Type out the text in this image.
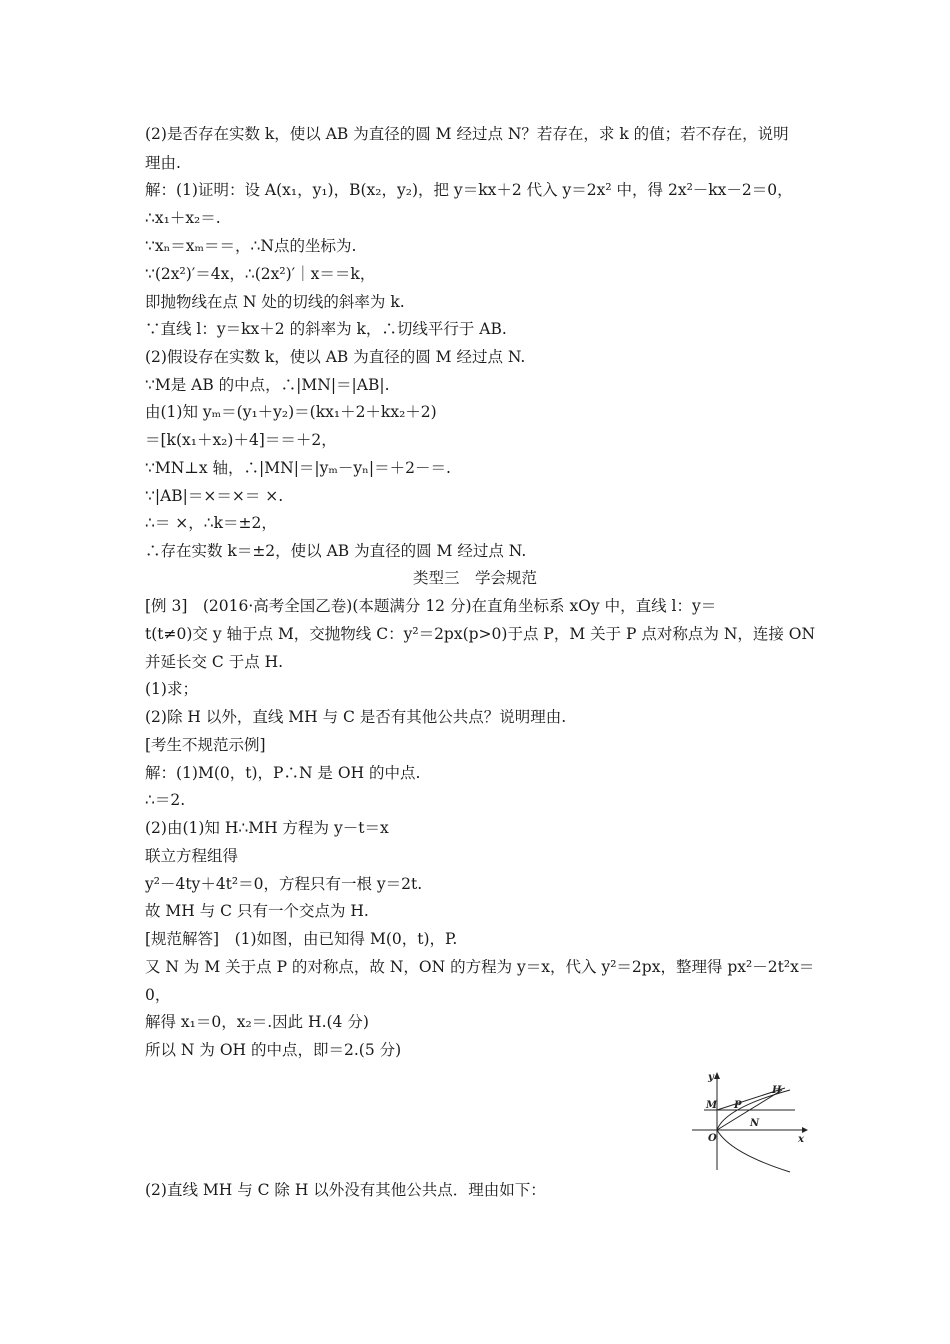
(2)是否存在实数 k，使以 AB 为直径的圆 M 经过点 N？若存在，求 k 的值；若不存在，说明
理由.
解：(1)证明：设 A(x₁，y₁)，B(x₂，y₂)，把 y＝kx＋2 代入 y＝2x² 中，得 2x²－kx－2＝0，
∴x₁＋x₂＝.
∵xₙ＝xₘ＝＝，∴N点的坐标为.
∵(2x²)′＝4x，∴(2x²)′｜x＝＝k，
即抛物线在点 N 处的切线的斜率为 k.
∵直线 l：y＝kx＋2 的斜率为 k，∴切线平行于 AB.
(2)假设存在实数 k，使以 AB 为直径的圆 M 经过点 N.
∵M是 AB 的中点，∴|MN|＝|AB|.
由(1)知 yₘ＝(y₁＋y₂)＝(kx₁＋2＋kx₂＋2)
＝[k(x₁＋x₂)＋4]＝＝＋2，
∵MN⊥x 轴，∴|MN|＝|yₘ－yₙ|＝＋2－＝.
∵|AB|＝×＝×＝ ×.
∴＝ ×，∴k＝±2，
∴存在实数 k＝±2，使以 AB 为直径的圆 M 经过点 N.
类型三　学会规范
[例 3]　(2016·高考全国乙卷)(本题满分 12 分)在直角坐标系 xOy 中，直线 l：y＝
t(t≠0)交 y 轴于点 M，交抛物线 C：y²＝2px(p>0)于点 P，M 关于 P 点对称点为 N，连接 ON
并延长交 C 于点 H.
(1)求；
(2)除 H 以外，直线 MH 与 C 是否有其他公共点？说明理由.
[考生不规范示例]
解：(1)M(0，t)，P∴N 是 OH 的中点.
∴＝2.
(2)由(1)知 H∴MH 方程为 y－t＝x
联立方程组得
y²－4ty＋4t²＝0，方程只有一根 y＝2t.
故 MH 与 C 只有一个交点为 H.
[规范解答]　(1)如图，由已知得 M(0，t)，P.
又 N 为 M 关于点 P 的对称点，故 N，ON 的方程为 y＝x，代入 y²＝2px，整理得 px²－2t²x＝
0，
解得 x₁＝0，x₂＝.因此 H.(4 分)
所以 N 为 OH 的中点，即＝2.(5 分)
(2)直线 MH 与 C 除 H 以外没有其他公共点．理由如下：
y
x
O
M P
N
H
